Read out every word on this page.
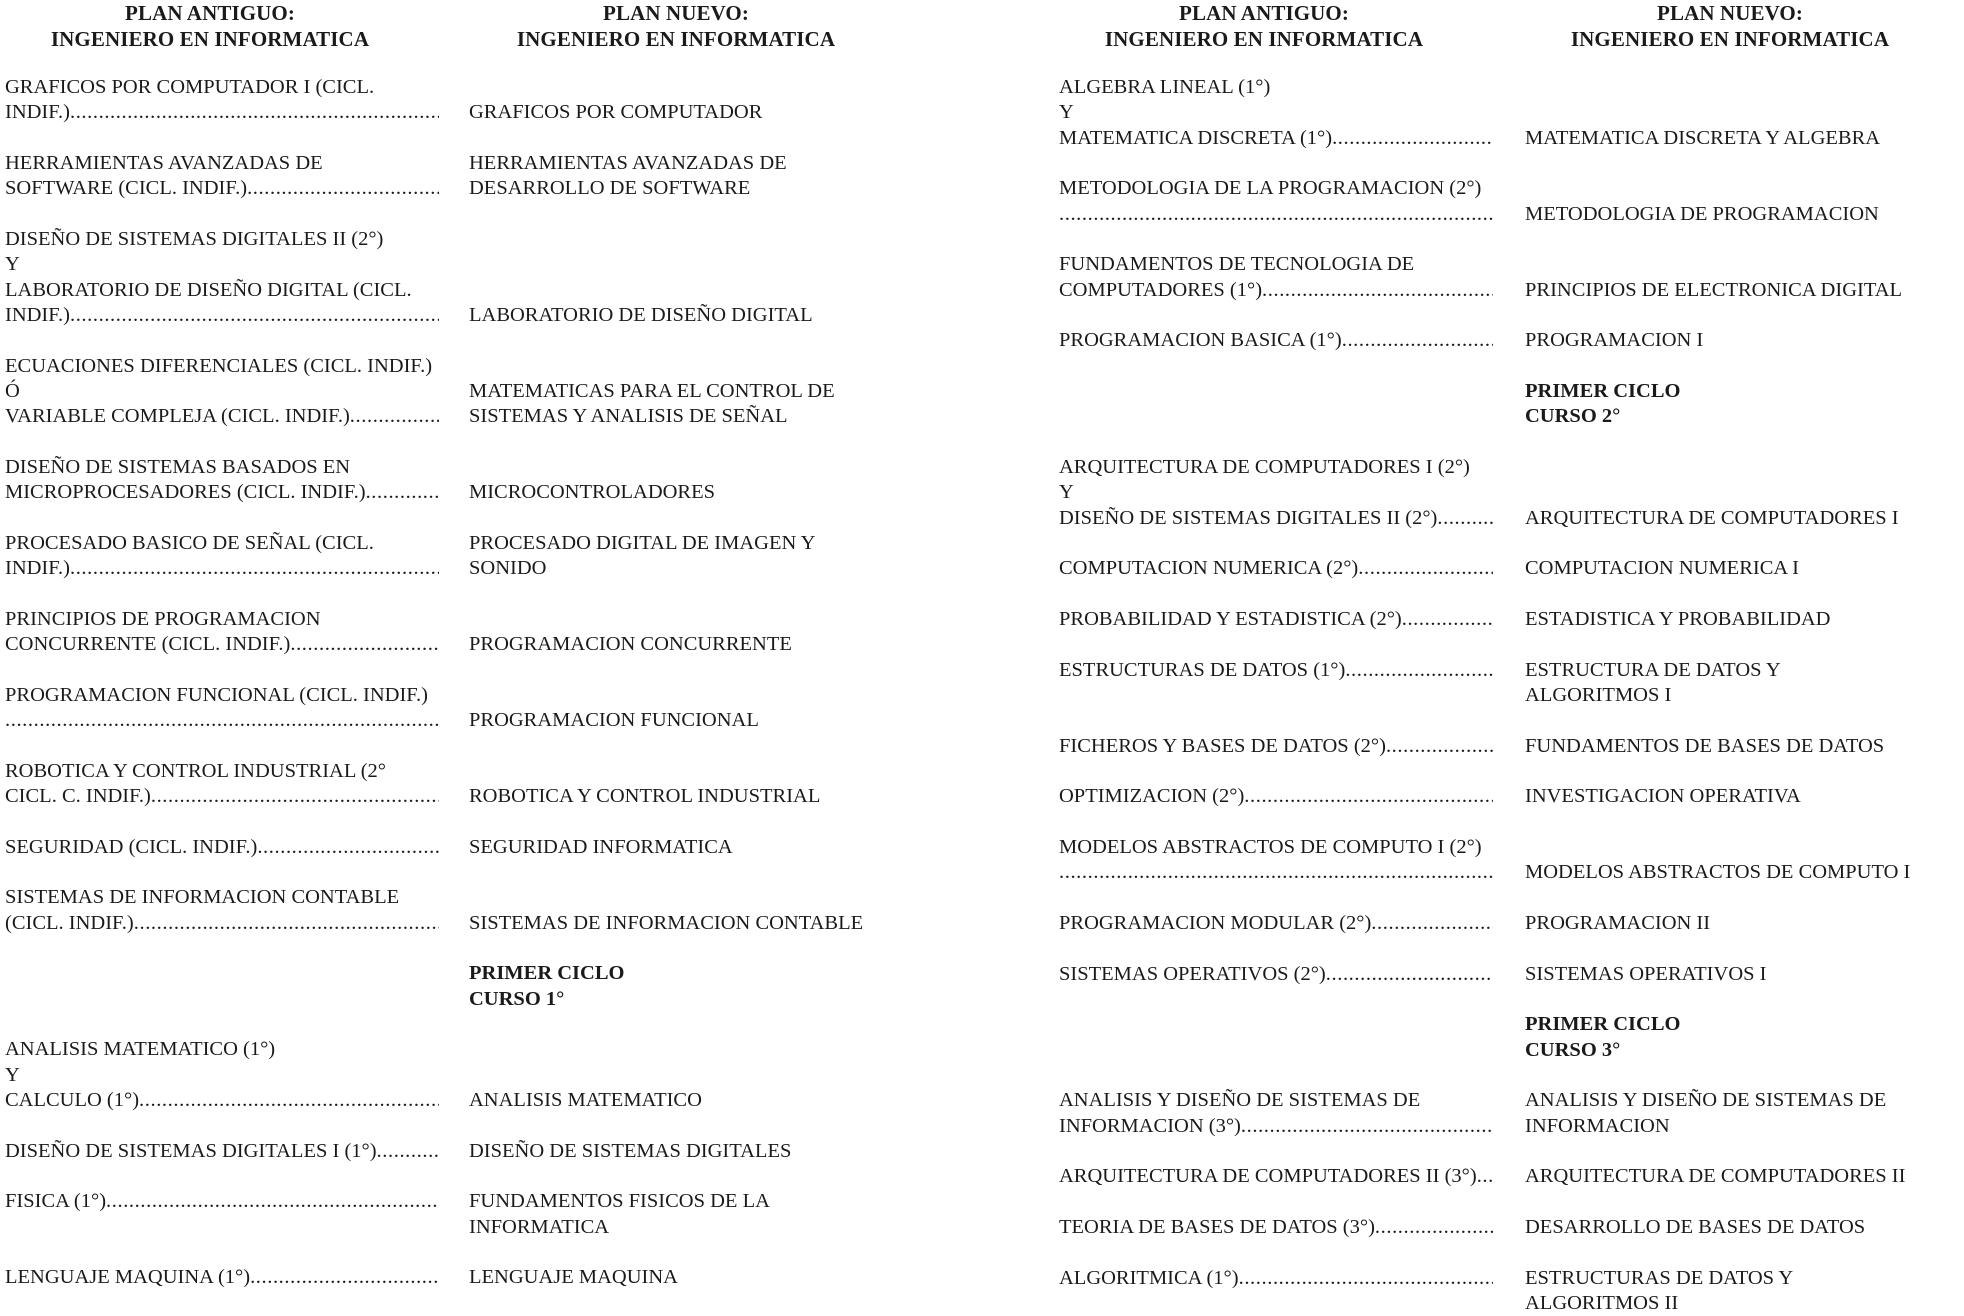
PLAN ANTIGUO:
INGENIERO EN INFORMATICA
PLAN NUEVO:
INGENIERO EN INFORMATICA
PLAN ANTIGUO:
INGENIERO EN INFORMATICA
PLAN NUEVO:
INGENIERO EN INFORMATICA
GRAFICOS POR COMPUTADOR I (CICL.
INDIF.)
.....
HERRAMIENTAS AVANZADAS DE
SOFTWARE (CICL. INDIF.)
.....
DISEÑO DE SISTEMAS DIGITALES II (2°)
Y
LABORATORIO DE DISEÑO DIGITAL (CICL.
INDIF.)
.....
ECUACIONES DIFERENCIALES (CICL. INDIF.)
Ó
VARIABLE COMPLEJA (CICL. INDIF.)
.....
DISEÑO DE SISTEMAS BASADOS EN
MICROPROCESADORES (CICL. INDIF.)
.....
PROCESADO BASICO DE SEÑAL (CICL.
INDIF.)
.....
PRINCIPIOS DE PROGRAMACION
CONCURRENTE (CICL. INDIF.)
.....
PROGRAMACION FUNCIONAL (CICL. INDIF.)
.....
ROBOTICA Y CONTROL INDUSTRIAL (2°
CICL. C. INDIF.)
.....
SEGURIDAD (CICL. INDIF.)
.....
SISTEMAS DE INFORMACION CONTABLE
(CICL. INDIF.)
.....
ANALISIS MATEMATICO (1°)
Y
CALCULO (1°)
.....
DISEÑO DE SISTEMAS DIGITALES I (1°)
.....
FISICA (1°)
.....
LENGUAJE MAQUINA (1°)
.....
GRAFICOS POR COMPUTADOR
HERRAMIENTAS AVANZADAS DE
DESARROLLO DE SOFTWARE
LABORATORIO DE DISEÑO DIGITAL
MATEMATICAS PARA EL CONTROL DE
SISTEMAS Y ANALISIS DE SEÑAL
MICROCONTROLADORES
PROCESADO DIGITAL DE IMAGEN Y
SONIDO
PROGRAMACION CONCURRENTE
PROGRAMACION FUNCIONAL
ROBOTICA Y CONTROL INDUSTRIAL
SEGURIDAD INFORMATICA
SISTEMAS DE INFORMACION CONTABLE
PRIMER CICLO
CURSO 1°
ANALISIS MATEMATICO
DISEÑO DE SISTEMAS DIGITALES
FUNDAMENTOS FISICOS DE LA
INFORMATICA
LENGUAJE MAQUINA
ALGEBRA LINEAL (1°)
Y
MATEMATICA DISCRETA (1°)
.....
METODOLOGIA DE LA PROGRAMACION (2°)
.....
FUNDAMENTOS DE TECNOLOGIA DE
COMPUTADORES (1°)
.....
PROGRAMACION BASICA (1°)
.....
ARQUITECTURA DE COMPUTADORES I (2°)
Y
DISEÑO DE SISTEMAS DIGITALES II (2°)
.....
COMPUTACION NUMERICA (2°)
.....
PROBABILIDAD Y ESTADISTICA (2°)
.....
ESTRUCTURAS DE DATOS (1°)
.....
FICHEROS Y BASES DE DATOS (2°)
.....
OPTIMIZACION (2°)
.....
MODELOS ABSTRACTOS DE COMPUTO I (2°)
.....
PROGRAMACION MODULAR (2°)
.....
SISTEMAS OPERATIVOS (2°)
.....
ANALISIS Y DISEÑO DE SISTEMAS DE
INFORMACION (3°)
.....
ARQUITECTURA DE COMPUTADORES II (3°)
.....
TEORIA DE BASES DE DATOS (3°)
.....
ALGORITMICA (1°)
.....
MATEMATICA DISCRETA Y ALGEBRA
METODOLOGIA DE PROGRAMACION
PRINCIPIOS DE ELECTRONICA DIGITAL
PROGRAMACION I
PRIMER CICLO
CURSO 2°
ARQUITECTURA DE COMPUTADORES I
COMPUTACION NUMERICA I
ESTADISTICA Y PROBABILIDAD
ESTRUCTURA DE DATOS Y
ALGORITMOS I
FUNDAMENTOS DE BASES DE DATOS
INVESTIGACION OPERATIVA
MODELOS ABSTRACTOS DE COMPUTO I
PROGRAMACION II
SISTEMAS OPERATIVOS I
PRIMER CICLO
CURSO 3°
ANALISIS Y DISEÑO DE SISTEMAS DE
INFORMACION
ARQUITECTURA DE COMPUTADORES II
DESARROLLO DE BASES DE DATOS
ESTRUCTURAS DE DATOS Y
ALGORITMOS II
